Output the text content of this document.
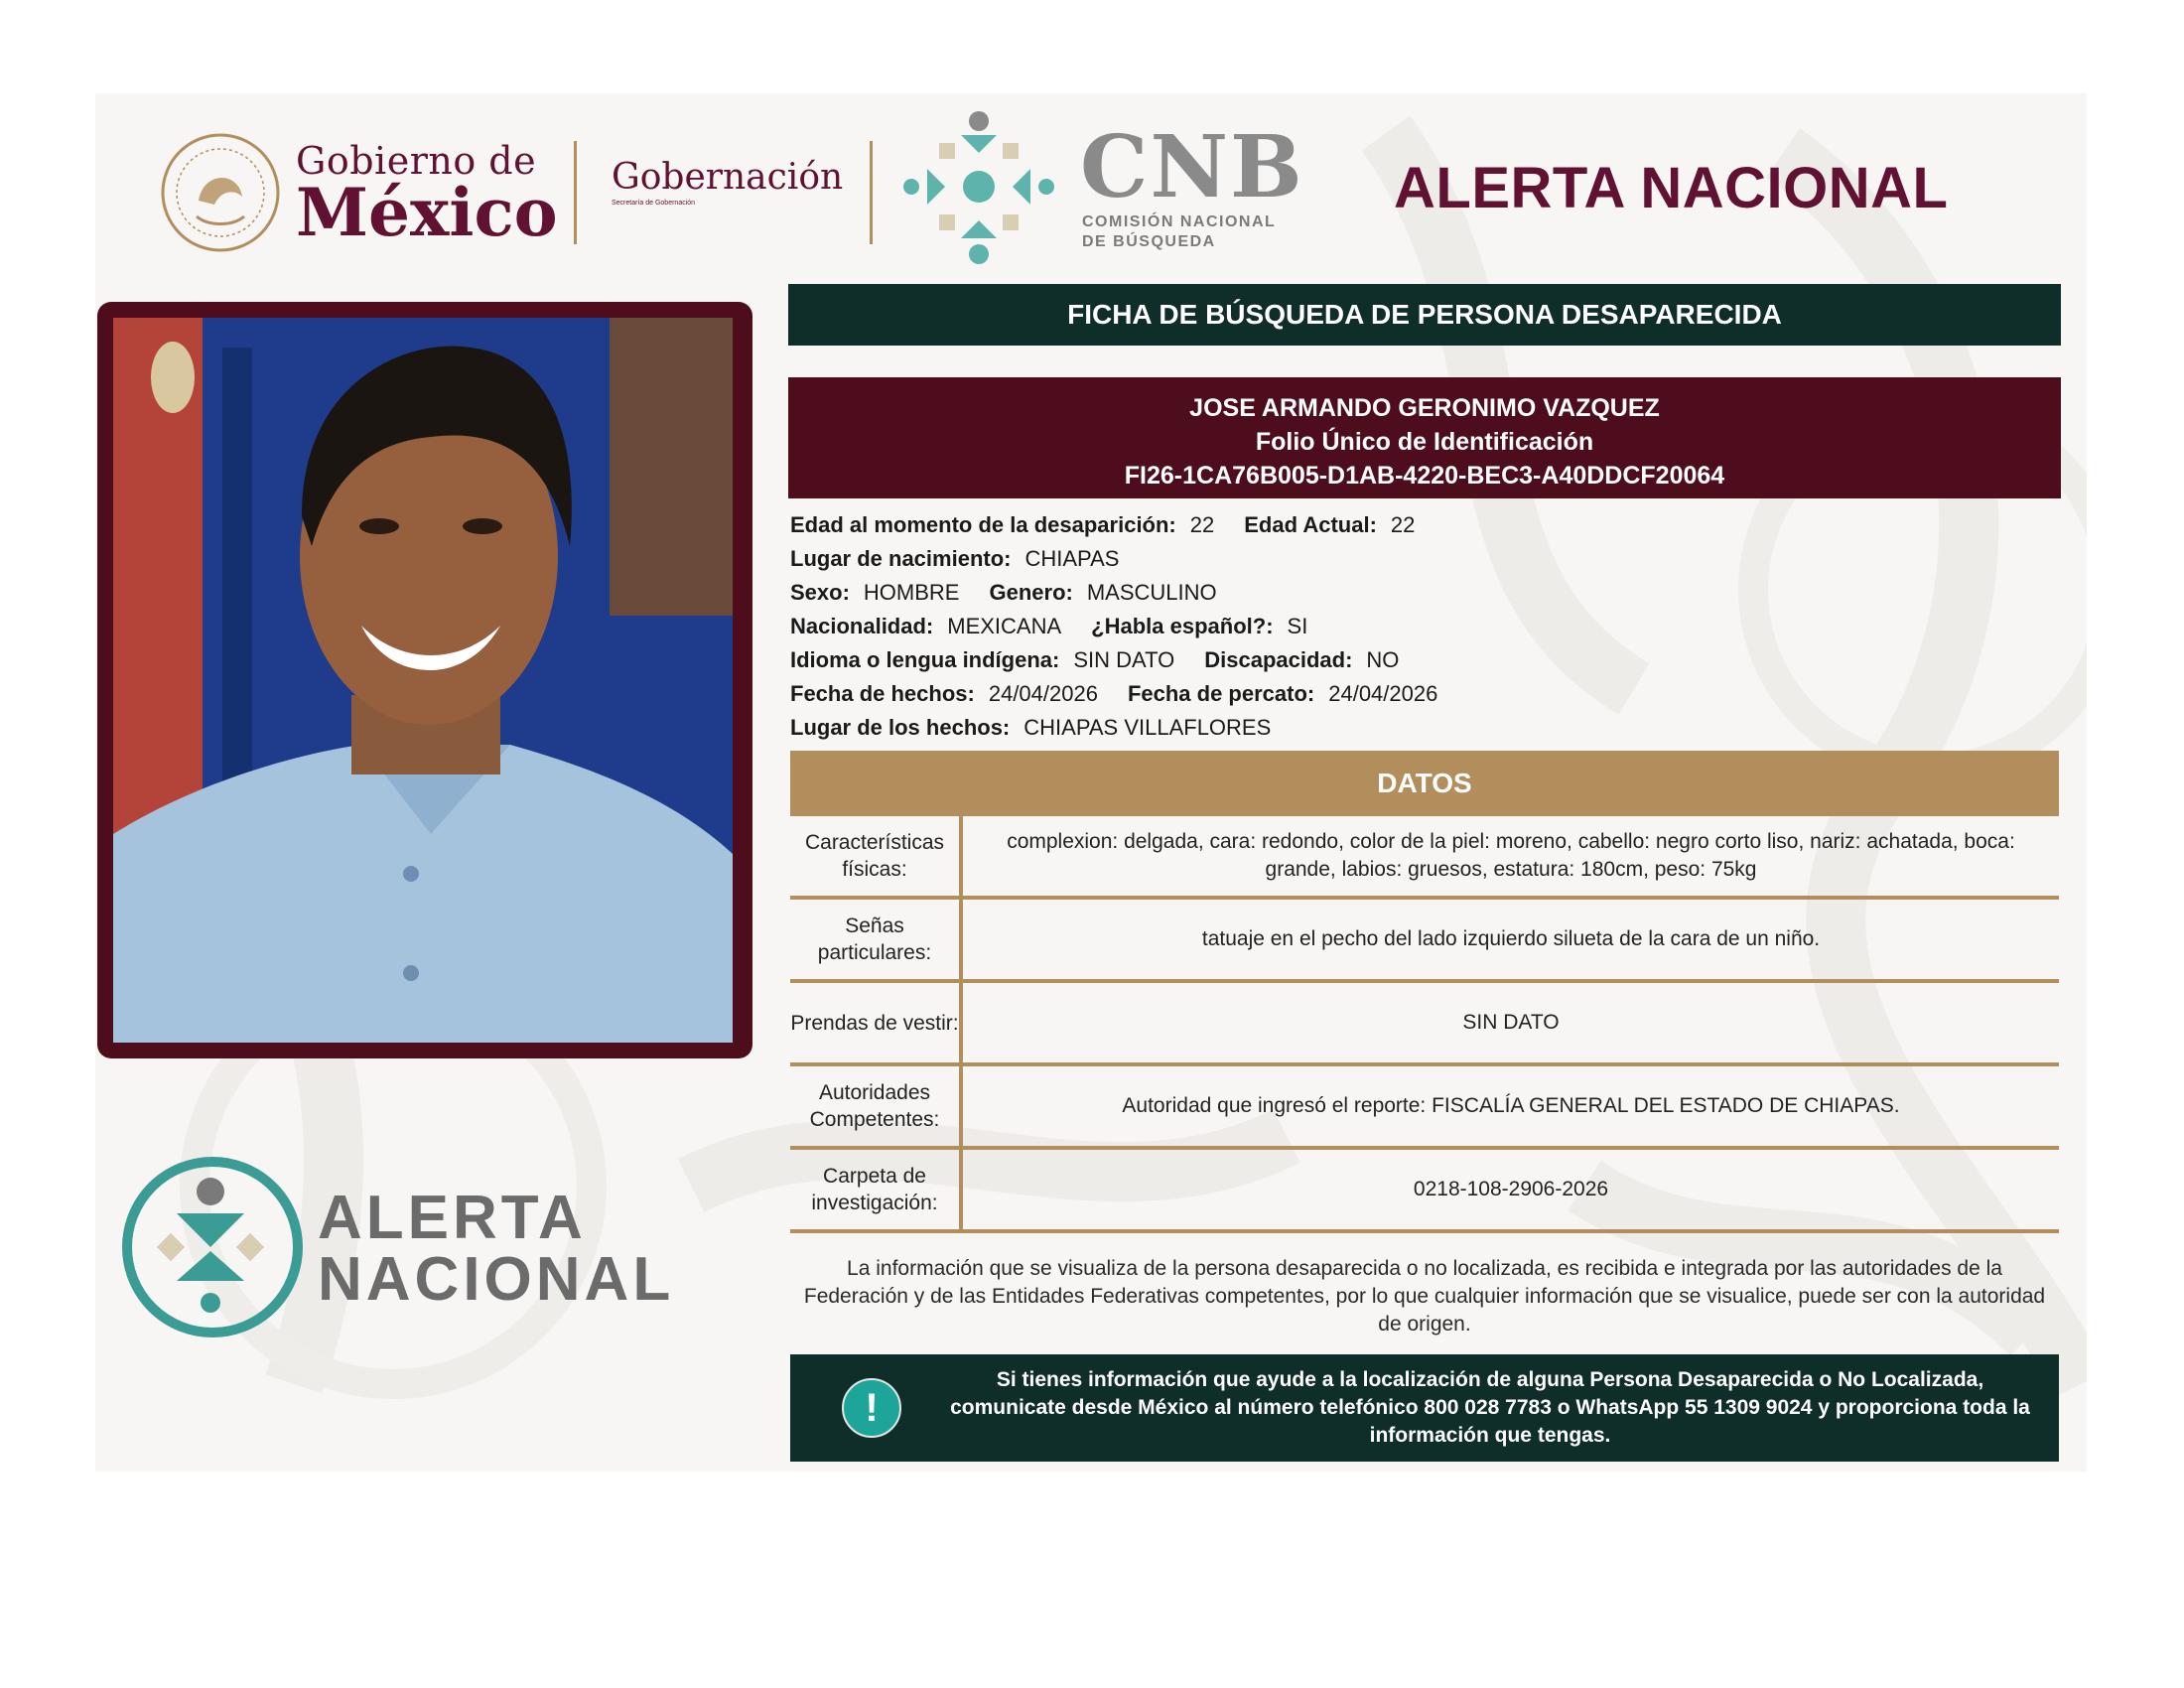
Gobierno de
México Gobernación
Secretaría de Gobernación	CNB
COMISIÓN NACIONAL
DE BÚSQUEDA
ALERTA NACIONAL
ALERTA
NACIONAL
FICHA DE BÚSQUEDA DE PERSONA DESAPARECIDA
JOSE ARMANDO GERONIMO VAZQUEZ
Folio Único de Identificación
FI26-1CA76B005-D1AB-4220-BEC3-A40DDCF20064
Edad al momento de la desaparición: 22 Edad Actual: 22
Lugar de nacimiento: CHIAPAS
Sexo: HOMBRE Genero: MASCULINO
Nacionalidad: MEXICANA ¿Habla español?: SI
Idioma o lengua indígena: SIN DATO Discapacidad: NO
Fecha de hechos: 24/04/2026 Fecha de percato: 24/04/2026
Lugar de los hechos: CHIAPAS VILLAFLORES
DATOS
Características físicas:
complexion: delgada, cara: redondo, color de la piel: moreno, cabello: negro corto liso, nariz: achatada, boca: grande, labios: gruesos, estatura: 180cm, peso: 75kg
Señas particulares:
tatuaje en el pecho del lado izquierdo silueta de la cara de un niño.
Prendas de vestir:	SIN DATO
Autoridades Competentes:
Autoridad que ingresó el reporte: FISCALÍA GENERAL DEL ESTADO DE CHIAPAS.
Carpeta de investigación:
0218-108-2906-2026
La información que se visualiza de la persona desaparecida o no localizada, es recibida e integrada por las autoridades de la Federación y de las Entidades Federativas competentes, por lo que cualquier información que se visualice, puede ser con la autoridad de origen.
!
Si tienes información que ayude a la localización de alguna Persona Desaparecida o No Localizada, comunicate desde México al número telefónico 800 028 7783 o WhatsApp 55 1309 9024 y proporciona toda la información que tengas.
